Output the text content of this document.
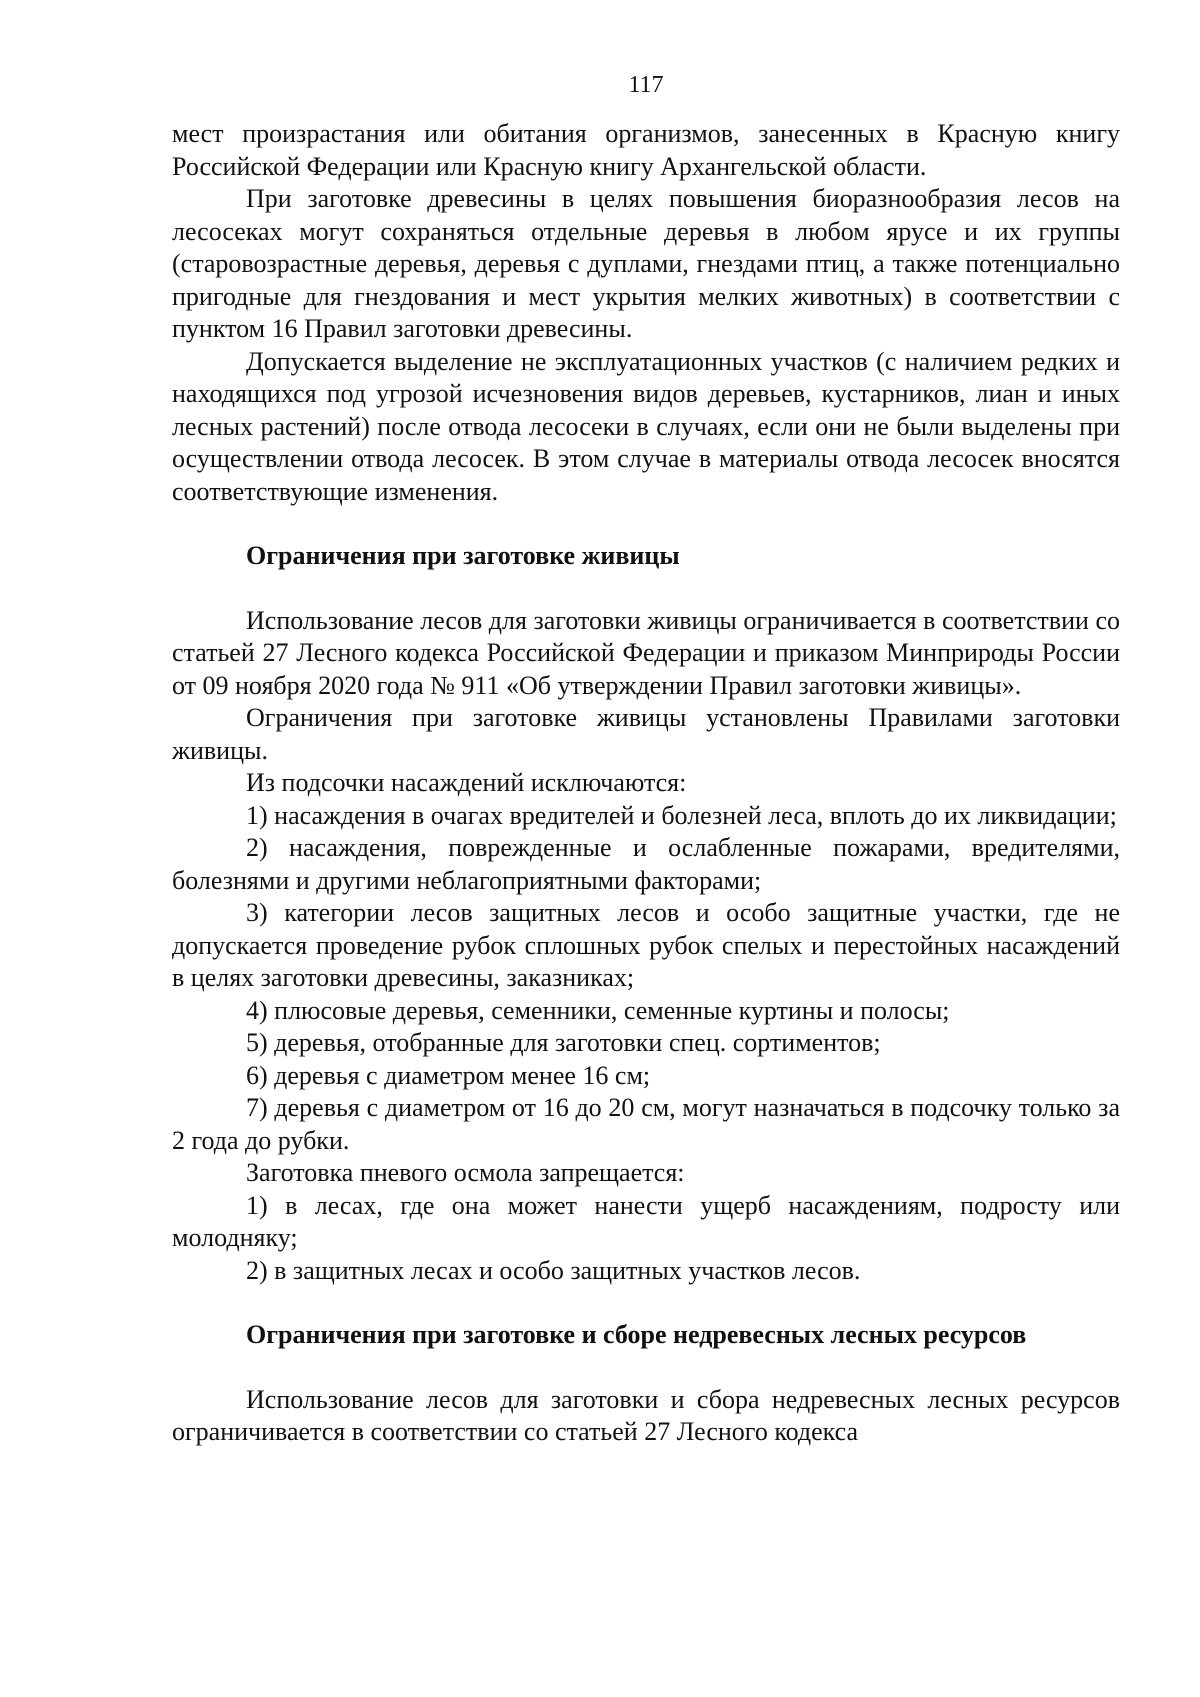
117

мест произрастания или обитания организмов, занесенных в Красную книгу Российской Федерации или Красную книгу Архангельской области.

При заготовке древесины в целях повышения биоразнообразия лесов на лесосеках могут сохраняться отдельные деревья в любом ярусе и их группы (старовозрастные деревья, деревья с дуплами, гнездами птиц, а также потенциально пригодные для гнездования и мест укрытия мелких животных) в соответствии с пунктом 16 Правил заготовки древесины.

Допускается выделение не эксплуатационных участков (с наличием редких и находящихся под угрозой исчезновения видов деревьев, кустарников, лиан и иных лесных растений) после отвода лесосеки в случаях, если они не были выделены при осуществлении отвода лесосек. В этом случае в материалы отвода лесосек вносятся соответствующие изменения.

Ограничения при заготовке живицы

Использование лесов для заготовки живицы ограничивается в соответствии со статьей 27 Лесного кодекса Российской Федерации и приказом Минприроды России от 09 ноября 2020 года № 911 «Об утверждении Правил заготовки живицы».

Ограничения при заготовке живицы установлены Правилами заготовки живицы.

Из подсочки насаждений исключаются:

1) насаждения в очагах вредителей и болезней леса, вплоть до их ликвидации;

2) насаждения, поврежденные и ослабленные пожарами, вредителями, болезнями и другими неблагоприятными факторами;

3) категории лесов защитных лесов и особо защитные участки, где не допускается проведение рубок сплошных рубок спелых и перестойных насаждений в целях заготовки древесины, заказниках;

4) плюсовые деревья, семенники, семенные куртины и полосы;

5) деревья, отобранные для заготовки спец. сортиментов;

6) деревья с диаметром менее 16 см;

7) деревья с диаметром от 16 до 20 см, могут назначаться в подсочку только за 2 года до рубки.

Заготовка пневого осмола запрещается:

1) в лесах, где она может нанести ущерб насаждениям, подросту или молодняку;

2) в защитных лесах и особо защитных участков лесов.

Ограничения при заготовке и сборе недревесных лесных ресурсов

Использование лесов для заготовки и сбора недревесных лесных ресурсов ограничивается в соответствии со статьей 27 Лесного кодекса
